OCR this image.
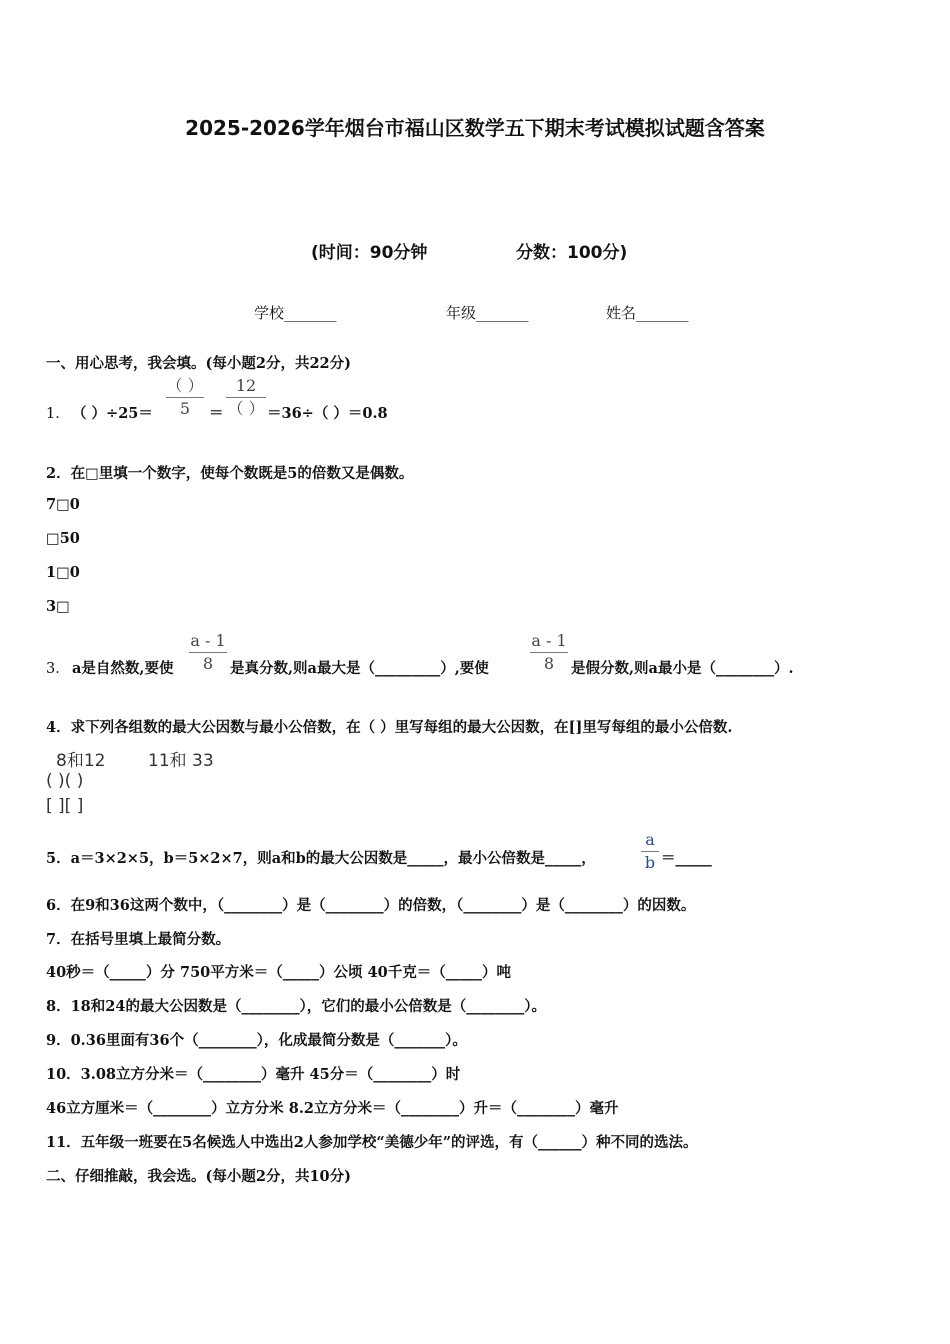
2025-2026学年烟台市福山区数学五下期末考试模拟试题含答案
(时间：90分钟	分数：100分)
学校_______	年级_______	姓名_______
一、用心思考，我会填。(每小题2分，共22分)
1． （ ）÷25＝
（ ）
5	＝
12
（ ） ＝36÷（ ）＝0.8
2．在□里填一个数字，使每个数既是5的倍数又是偶数。
7□0
□50
1□0
3□
3． a是自然数,要使
a - 1
8	是真分数,则a最大是（_________）,要使
a - 1
8	是假分数,则a最小是（________）.
4．求下列各组数的最大公因数与最小公倍数，在（ ）里写每组的最大公因数，在[]里写每组的最小公倍数.
8和12	11和 33
( )( )
[ ][ ]
5．a＝3×2×5，b＝5×2×7，则a和b的最大公因数是_____，最小公倍数是_____，
a
b ＝_____
6．在9和36这两个数中，（________）是（________）的倍数，（________）是（________）的因数。
7．在括号里填上最简分数。
40秒＝（_____）分 750平方米＝（_____）公顷 40千克＝（_____）吨
8．18和24的最大公因数是（________），它们的最小公倍数是（________）。
9．0.36里面有36个（________），化成最简分数是（_______）。
10．3.08立方分米＝（________）毫升 45分＝（________）时
46立方厘米＝（________）立方分米 8.2立方分米＝（________）升＝（________）毫升
11．五年级一班要在5名候选人中选出2人参加学校“美德少年”的评选，有（______）种不同的选法。
二、仔细推敲，我会选。(每小题2分，共10分)
